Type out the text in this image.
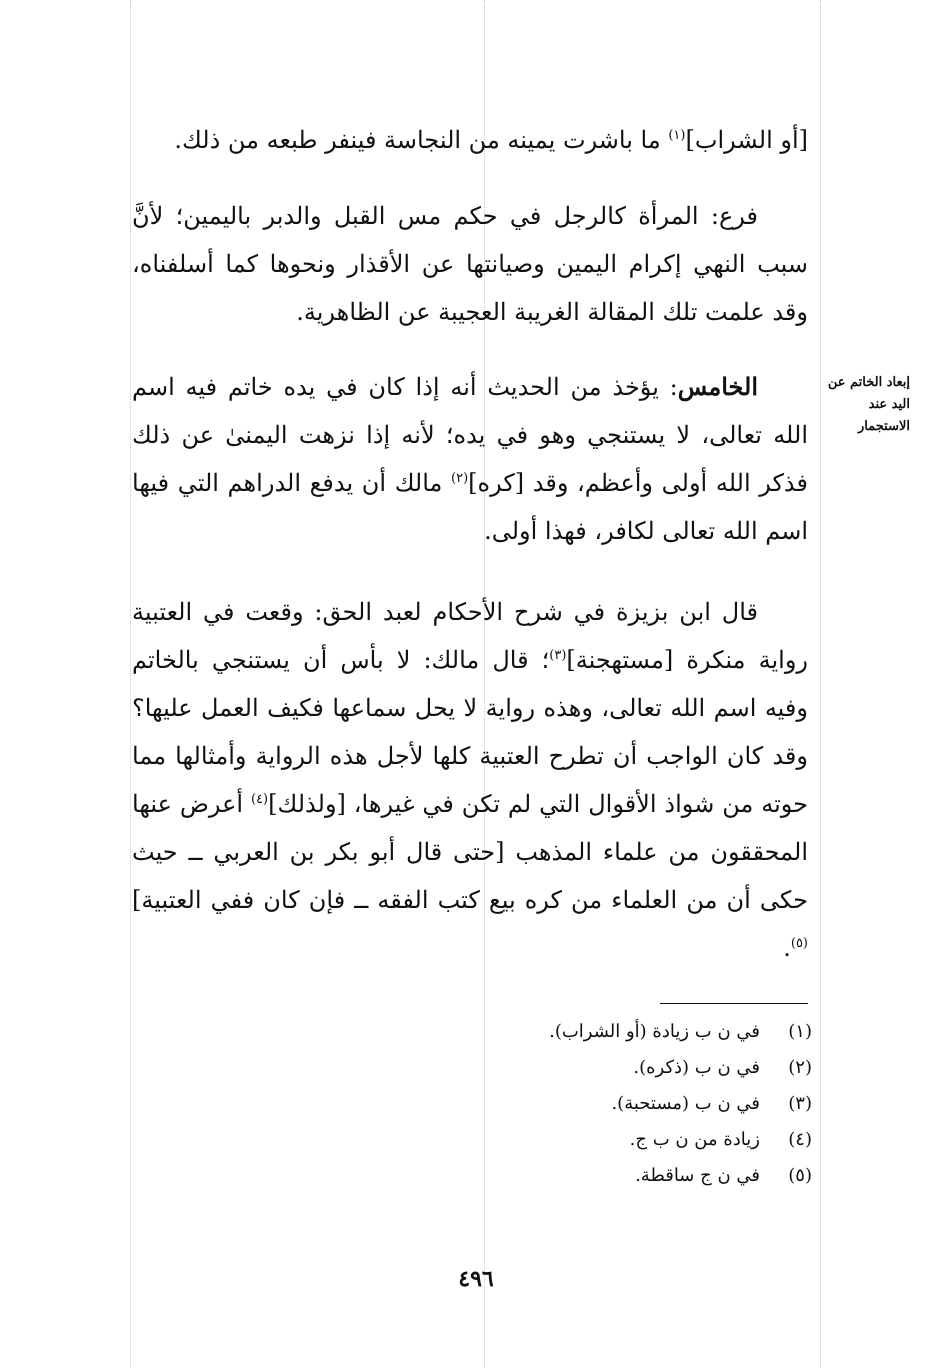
[أو الشراب]$^{(١)}$ ما باشرت يمينه من النجاسة فينفر طبعه من ذلك.
فرع: المرأة كالرجل في حكم مس القبل والدبر باليمين؛ لأنَّ سبب النهي إكرام اليمين وصيانتها عن الأقذار ونحوها كما أسلفناه، وقد علمت تلك المقالة الغريبة العجيبة عن الظاهرية.
الخامس: يؤخذ من الحديث أنه إذا كان في يده خاتم فيه اسم الله تعالى، لا يستنجي وهو في يده؛ لأنه إذا نزهت اليمنىٰ عن ذلك فذكر الله أولى وأعظم، وقد [كره]$^{(٢)}$ مالك أن يدفع الدراهم التي فيها اسم الله تعالى لكافر، فهذا أولى.
إبعاد الخاتم عن اليد عند الاستجمار
قال ابن بزيزة في شرح الأحكام لعبد الحق: وقعت في العتبية رواية منكرة [مستهجنة]$^{(٣)}$؛ قال مالك: لا بأس أن يستنجي بالخاتم وفيه اسم الله تعالى، وهذه رواية لا يحل سماعها فكيف العمل عليها؟ وقد كان الواجب أن تطرح العتبية كلها لأجل هذه الرواية وأمثالها مما حوته من شواذ الأقوال التي لم تكن في غيرها، [ولذلك]$^{(٤)}$ أعرض عنها المحققون من علماء المذهب [حتى قال أبو بكر بن العربي ــ حيث حكى أن من العلماء من كره بيع كتب الفقه ــ فإن كان ففي العتبية]$^{(٥)}$.
(١)في ن ب زيادة (أو الشراب).
(٢)في ن ب (ذكره).
(٣)في ن ب (مستحبة).
(٤)زيادة من ن ب ج.
(٥)في ن ج ساقطة.
٤٩٦
